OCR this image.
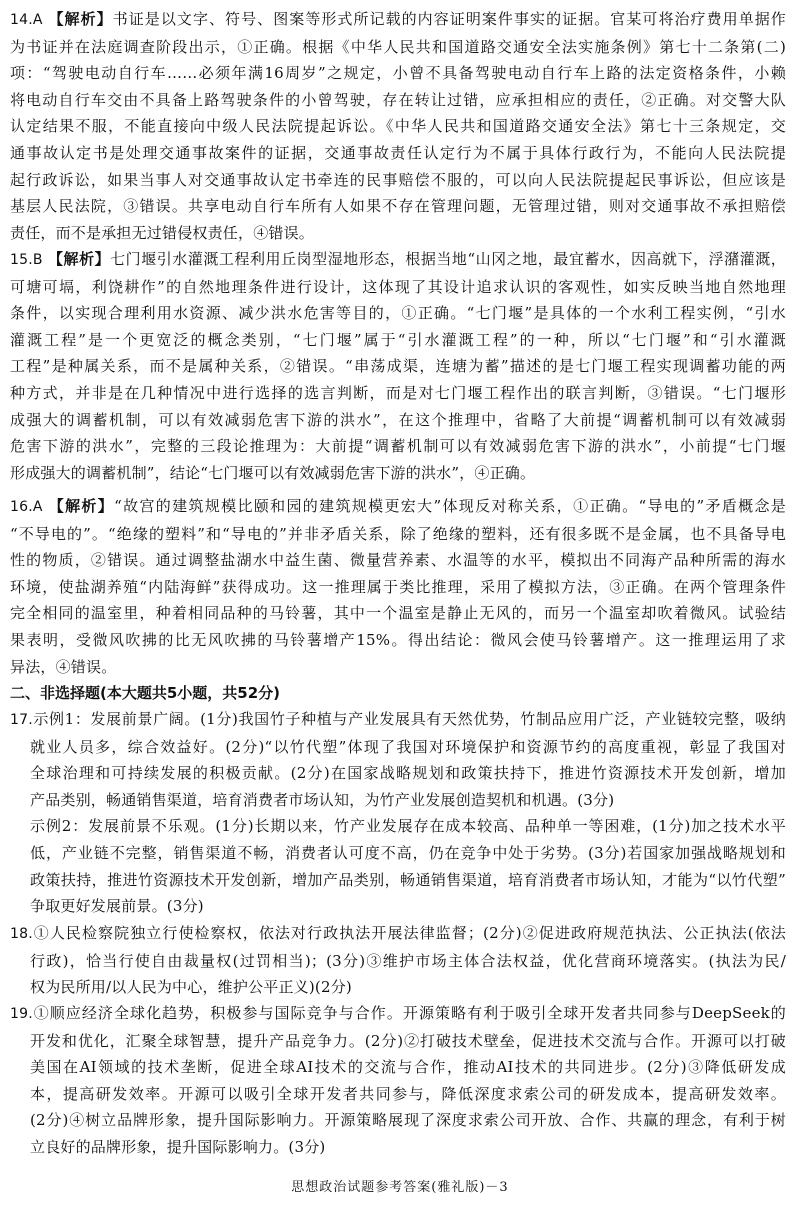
14.A 【解析】书证是以文字、符号、图案等形式所记载的内容证明案件事实的证据。官某可将治疗费用单据作
为书证并在法庭调查阶段出示，①正确。根据《中华人民共和国道路交通安全法实施条例》第七十二条第(二)
项：“驾驶电动自行车……必须年满16周岁”之规定，小曾不具备驾驶电动自行车上路的法定资格条件，小赖
将电动自行车交由不具备上路驾驶条件的小曾驾驶，存在转让过错，应承担相应的责任，②正确。对交警大队
认定结果不服，不能直接向中级人民法院提起诉讼。《中华人民共和国道路交通安全法》第七十三条规定，交
通事故认定书是处理交通事故案件的证据，交通事故责任认定行为不属于具体行政行为，不能向人民法院提
起行政诉讼，如果当事人对交通事故认定书牵连的民事赔偿不服的，可以向人民法院提起民事诉讼，但应该是
基层人民法院，③错误。共享电动自行车所有人如果不存在管理问题，无管理过错，则对交通事故不承担赔偿
责任，而不是承担无过错侵权责任，④错误。
15.B 【解析】七门堰引水灌溉工程利用丘岗型湿地形态，根据当地“山冈之地，最宜蓄水，因高就下，浮潴灌溉，
可塘可塥，利饶耕作”的自然地理条件进行设计，这体现了其设计追求认识的客观性，如实反映当地自然地理
条件，以实现合理利用水资源、减少洪水危害等目的，①正确。“七门堰”是具体的一个水利工程实例，“引水
灌溉工程”是一个更宽泛的概念类别，“七门堰”属于“引水灌溉工程”的一种，所以“七门堰”和“引水灌溉
工程”是种属关系，而不是属种关系，②错误。“串荡成渠，连塘为蓄”描述的是七门堰工程实现调蓄功能的两
种方式，并非是在几种情况中进行选择的选言判断，而是对七门堰工程作出的联言判断，③错误。“七门堰形
成强大的调蓄机制，可以有效减弱危害下游的洪水”，在这个推理中，省略了大前提“调蓄机制可以有效减弱
危害下游的洪水”，完整的三段论推理为：大前提“调蓄机制可以有效减弱危害下游的洪水”，小前提“七门堰
形成强大的调蓄机制”，结论“七门堰可以有效减弱危害下游的洪水”，④正确。
16.A 【解析】“故宫的建筑规模比颐和园的建筑规模更宏大”体现反对称关系，①正确。“导电的”矛盾概念是
“不导电的”。“绝缘的塑料”和“导电的”并非矛盾关系，除了绝缘的塑料，还有很多既不是金属，也不具备导电
性的物质，②错误。通过调整盐湖水中益生菌、微量营养素、水温等的水平，模拟出不同海产品种所需的海水
环境，使盐湖养殖“内陆海鲜”获得成功。这一推理属于类比推理，采用了模拟方法，③正确。在两个管理条件
完全相同的温室里，种着相同品种的马铃薯，其中一个温室是静止无风的，而另一个温室却吹着微风。试验结
果表明，受微风吹拂的比无风吹拂的马铃薯增产15%。得出结论：微风会使马铃薯增产。这一推理运用了求
异法，④错误。
二、非选择题(本大题共5小题，共52分)
17.示例1：发展前景广阔。(1分)我国竹子种植与产业发展具有天然优势，竹制品应用广泛，产业链较完整，吸纳
就业人员多，综合效益好。(2分)“以竹代塑”体现了我国对环境保护和资源节约的高度重视，彰显了我国对
全球治理和可持续发展的积极贡献。(2分)在国家战略规划和政策扶持下，推进竹资源技术开发创新，增加
产品类别，畅通销售渠道，培育消费者市场认知，为竹产业发展创造契机和机遇。(3分)
示例2：发展前景不乐观。(1分)长期以来，竹产业发展存在成本较高、品种单一等困难，(1分)加之技术水平
低，产业链不完整，销售渠道不畅，消费者认可度不高，仍在竞争中处于劣势。(3分)若国家加强战略规划和
政策扶持，推进竹资源技术开发创新，增加产品类别，畅通销售渠道，培育消费者市场认知，才能为“以竹代塑”
争取更好发展前景。(3分)
18.①人民检察院独立行使检察权，依法对行政执法开展法律监督；(2分)②促进政府规范执法、公正执法(依法
行政)，恰当行使自由裁量权(过罚相当)；(3分)③维护市场主体合法权益，优化营商环境落实。(执法为民/
权为民所用/以人民为中心，维护公平正义)(2分)
19.①顺应经济全球化趋势，积极参与国际竞争与合作。开源策略有利于吸引全球开发者共同参与DeepSeek的
开发和优化，汇聚全球智慧，提升产品竞争力。(2分)②打破技术壁垒，促进技术交流与合作。开源可以打破
美国在AI领域的技术垄断，促进全球AI技术的交流与合作，推动AI技术的共同进步。(2分)③降低研发成
本，提高研发效率。开源可以吸引全球开发者共同参与，降低深度求索公司的研发成本，提高研发效率。
(2分)④树立品牌形象，提升国际影响力。开源策略展现了深度求索公司开放、合作、共赢的理念，有利于树
立良好的品牌形象，提升国际影响力。(3分)
思想政治试题参考答案(雅礼版)－3
